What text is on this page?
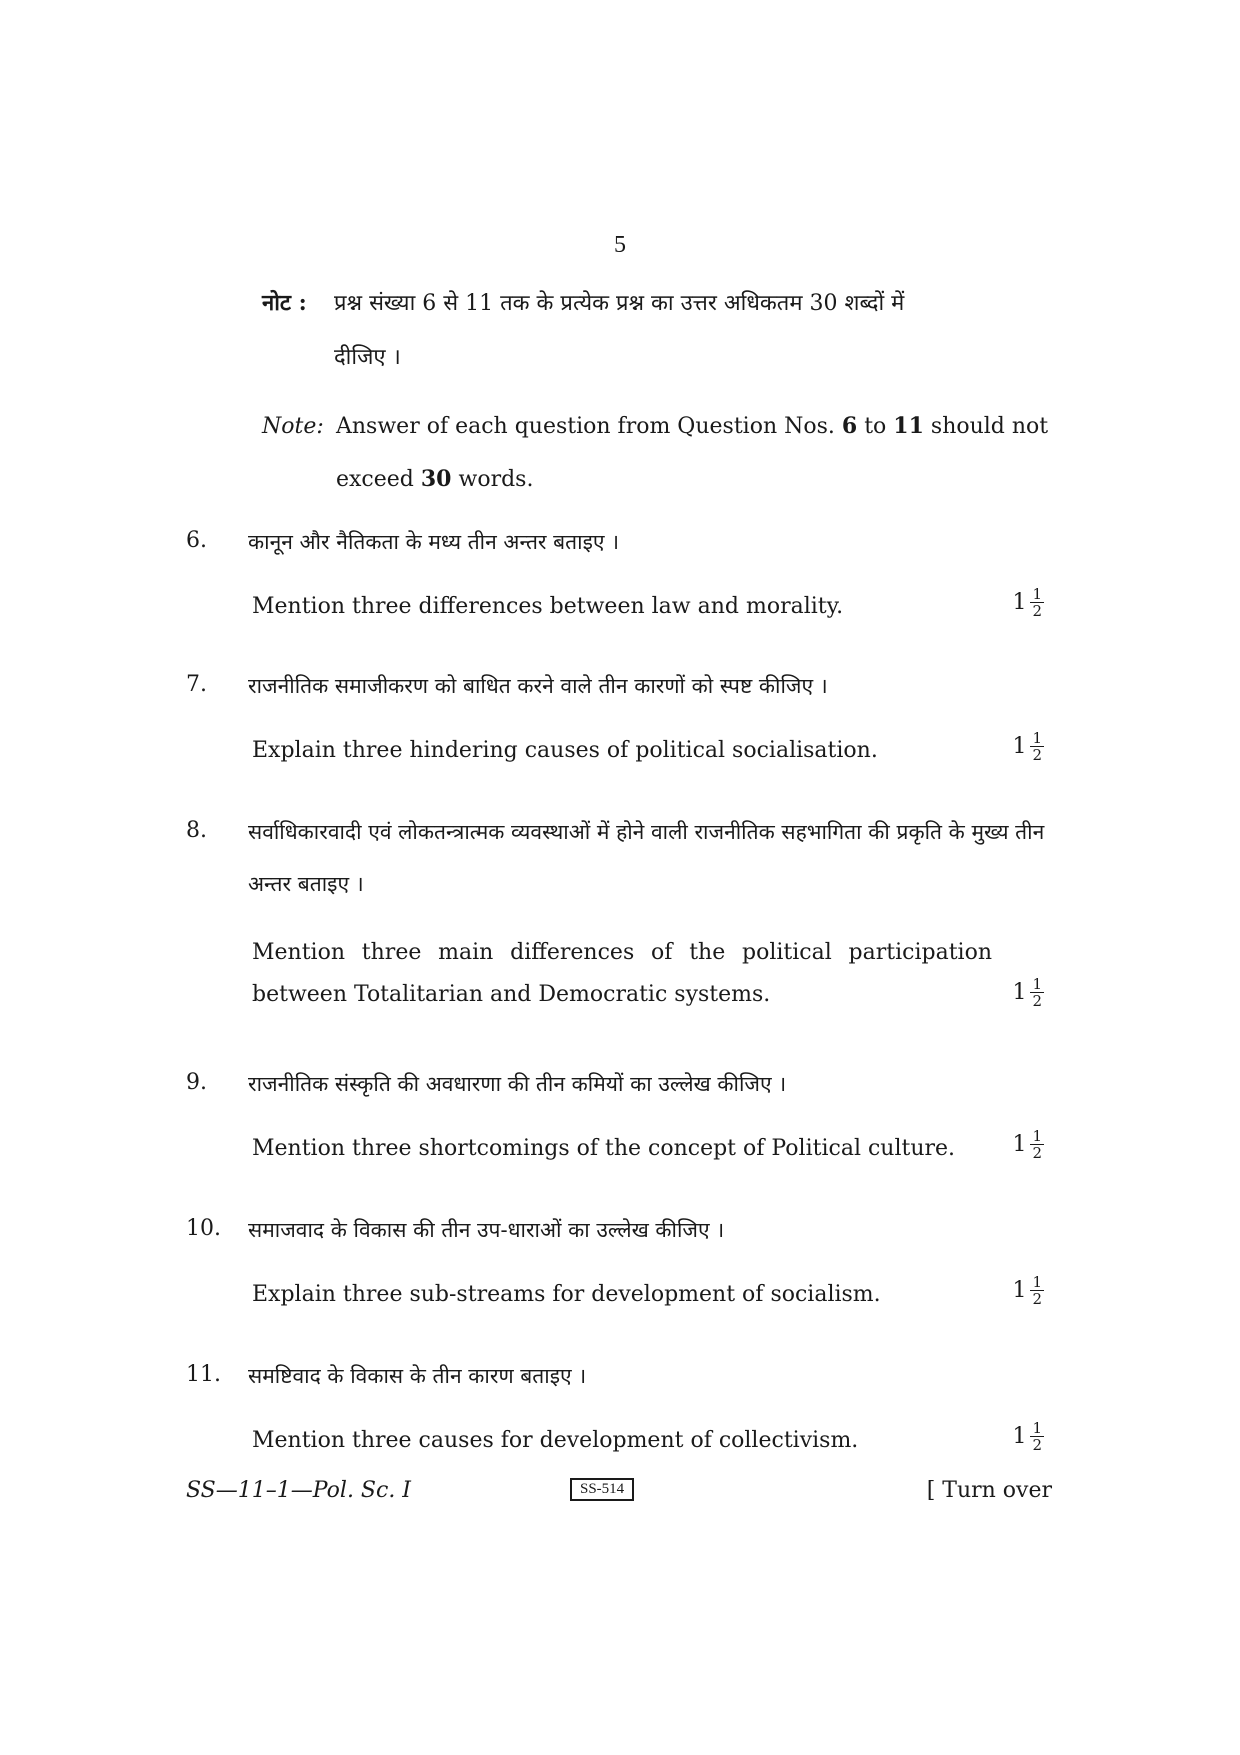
5
नोट : प्रश्न संख्या 6 से 11 तक के प्रत्येक प्रश्न का उत्तर अधिकतम 30 शब्दों में
दीजिए ।
Note: Answer of each question from Question Nos. 6 to 11 should not
exceed 30 words.
6. कानून और नैतिकता के मध्य तीन अन्तर बताइए ।
Mention three differences between law and morality.	$1 \frac{1}{2}$
7. राजनीतिक समाजीकरण को बाधित करने वाले तीन कारणों को स्पष्ट कीजिए ।
Explain three hindering causes of political socialisation.	$1 \frac{1}{2}$
8. सर्वाधिकारवादी एवं लोकतन्त्रात्मक व्यवस्थाओं में होने वाली राजनीतिक सहभागिता की प्रकृति के मुख्य तीन अन्तर बताइए ।
Mention three main differences of the political participation between Totalitarian and Democratic systems.	$1 \frac{1}{2}$
9. राजनीतिक संस्कृति की अवधारणा की तीन कमियों का उल्लेख कीजिए ।
Mention three shortcomings of the concept of Political culture.	$1 \frac{1}{2}$
10. समाजवाद के विकास की तीन उप-धाराओं का उल्लेख कीजिए ।
Explain three sub-streams for development of socialism.	$1 \frac{1}{2}$
11. समष्टिवाद के विकास के तीन कारण बताइए ।
Mention three causes for development of collectivism.	$1 \frac{1}{2}$
SS—11–1—Pol. Sc. I	SS-514	[ Turn over
